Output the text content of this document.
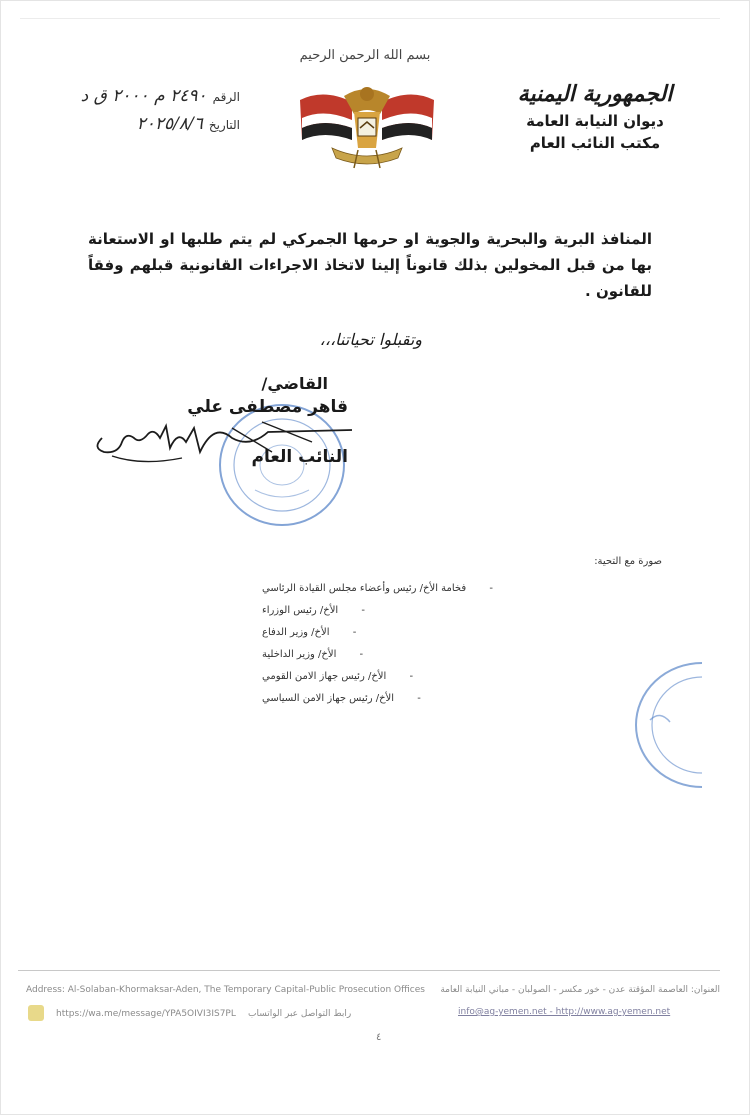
بسم الله الرحمن الرحيم
الجمهورية اليمنية
ديوان النيابة العامة
مكتب النائب العام
الرقم
٢٤٩٠ م ٢٠٠٠ ق د
التاريخ
٢٠٢٥/٨/٦
المنافذ البرية والبحرية والجوية او حرمها الجمركي لم يتم طلبها او الاستعانة بها من قبل المخولين بذلك قانوناً إلينا لاتخاذ الاجراءات القانونية قبلهم وفقاً للقانون .
وتقبلوا تحياتنا،،،
القاضي/
قاهر مصطفى علي
النائب العام
صورة مع التحية:
-
فخامة الأخ/ رئيس وأعضاء مجلس القيادة الرئاسي
-
الأخ/ رئيس الوزراء
-
الأخ/ وزير الدفاع
-
الأخ/ وزير الداخلية
-
الأخ/ رئيس جهاز الامن القومي
-
الأخ/ رئيس جهاز الامن السياسي
Address: Al-Solaban-Khormaksar-Aden, The Temporary Capital-Public Prosecution Offices	العنوان: العاصمة المؤقتة عدن - خور مكسر - الصولبان - مباني النيابة العامة
https://wa.me/message/YPA5OIVI3IS7PL رابط التواصل عبر الواتساب	info@ag-yemen.net - http://www.ag-yemen.net
٤
